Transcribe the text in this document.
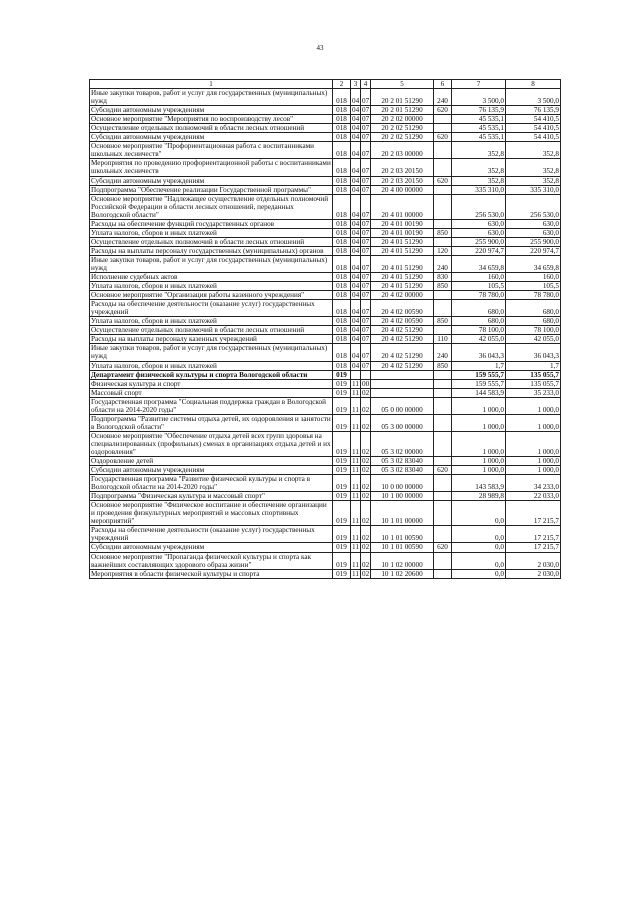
43
1	2	3	4	5	6	7	8
Иные закупки товаров, работ и услуг для государственных (муниципальных) нужд	018	04	07	20 2 01 51290	240	3 500,0	3 500,0
Субсидии автономным учреждениям	018	04	07	20 2 01 51290	620	76 135,9	76 135,9
Основное мероприятие "Мероприятия по воспроизводству лесов"	018	04	07	20 2 02 00000		45 535,1	54 410,5
Осуществление отдельных полномочий в области лесных отношений	018	04	07	20 2 02 51290		45 535,1	54 410,5
Субсидии автономным учреждениям	018	04	07	20 2 02 51290	620	45 535,1	54 410,5
Основное мероприятие "Профориентационная работа с воспитанниками школьных лесничеств"	018	04	07	20 2 03 00000		352,8	352,8
Мероприятия по проведению профориентационной работы с воспитанниками школьных лесничеств	018	04	07	20 2 03 20150		352,8	352,8
Субсидии автономным учреждениям	018	04	07	20 2 03 20150	620	352,8	352,8
Подпрограмма "Обеспечение реализации Государственной программы"	018	04	07	20 4 00 00000		335 310,0	335 310,0
Основное мероприятие "Надлежащее осуществление отдельных полномочий Российской Федерации в области лесных отношений, переданных Вологодской области"	018	04	07	20 4 01 00000		256 530,0	256 530,0
Расходы на обеспечение функций государственных органов	018	04	07	20 4 01 00190		630,0	630,0
Уплата налогов, сборов и иных платежей	018	04	07	20 4 01 00190	850	630,0	630,0
Осуществление отдельных полномочий в области лесных отношений	018	04	07	20 4 01 51290		255 900,0	255 900,0
Расходы на выплаты персоналу государственных (муниципальных) органов	018	04	07	20 4 01 51290	120	220 974,7	220 974,7
Иные закупки товаров, работ и услуг для государственных (муниципальных) нужд	018	04	07	20 4 01 51290	240	34 659,8	34 659,8
Исполнение судебных актов	018	04	07	20 4 01 51290	830	160,0	160,0
Уплата налогов, сборов и иных платежей	018	04	07	20 4 01 51290	850	105,5	105,5
Основное мероприятие "Организация работы казенного учреждения"	018	04	07	20 4 02 00000		78 780,0	78 780,0
Расходы на обеспечение деятельности (оказание услуг) государственных учреждений	018	04	07	20 4 02 00590		680,0	680,0
Уплата налогов, сборов и иных платежей	018	04	07	20 4 02 00590	850	680,0	680,0
Осуществление отдельных полномочий в области лесных отношений	018	04	07	20 4 02 51290		78 100,0	78 100,0
Расходы на выплаты персоналу казенных учреждений	018	04	07	20 4 02 51290	110	42 055,0	42 055,0
Иные закупки товаров, работ и услуг для государственных (муниципальных) нужд	018	04	07	20 4 02 51290	240	36 043,3	36 043,3
Уплата налогов, сборов и иных платежей	018	04	07	20 4 02 51290	850	1,7	1,7
Департамент физической культуры и спорта Вологодской области	019					159 555,7	135 055,7
Физическая культура и спорт	019	11	00			159 555,7	135 055,7
Массовый спорт	019	11	02			144 583,9	35 233,0
Государственная программа "Социальная поддержка граждан в Вологодской области на 2014-2020 годы"	019	11	02	05 0 00 00000		1 000,0	1 000,0
Подпрограмма "Развитие системы отдыха детей, их оздоровления и занятости в Вологодской области"	019	11	02	05 3 00 00000		1 000,0	1 000,0
Основное мероприятие "Обеспечение отдыха детей всех групп здоровья на специализированных (профильных) сменах в организациях отдыха детей и их оздоровления"	019	11	02	05 3 02 00000		1 000,0	1 000,0
Оздоровление детей	019	11	02	05 3 02 83040		1 000,0	1 000,0
Субсидии автономным учреждениям	019	11	02	05 3 02 83040	620	1 000,0	1 000,0
Государственная программа "Развитие физической культуры и спорта в Вологодской области на 2014-2020 годы"	019	11	02	10 0 00 00000		143 583,9	34 233,0
Подпрограмма "Физическая культура и массовый спорт"	019	11	02	10 1 00 00000		28 989,8	22 033,0
Основное мероприятие "Физическое воспитание и обеспечение организации и проведения физкультурных мероприятий и массовых спортивных мероприятий"	019	11	02	10 1 01 00000		0,0	17 215,7
Расходы на обеспечение деятельности (оказание услуг) государственных учреждений	019	11	02	10 1 01 00590		0,0	17 215,7
Субсидии автономным учреждениям	019	11	02	10 1 01 00590	620	0,0	17 215,7
Основное мероприятие "Пропаганда физической культуры и спорта как важнейших составляющих здорового образа жизни"	019	11	02	10 1 02 00000		0,0	2 030,0
Мероприятия в области физической культуры и спорта	019	11	02	10 1 02 20600		0,0	2 030,0
